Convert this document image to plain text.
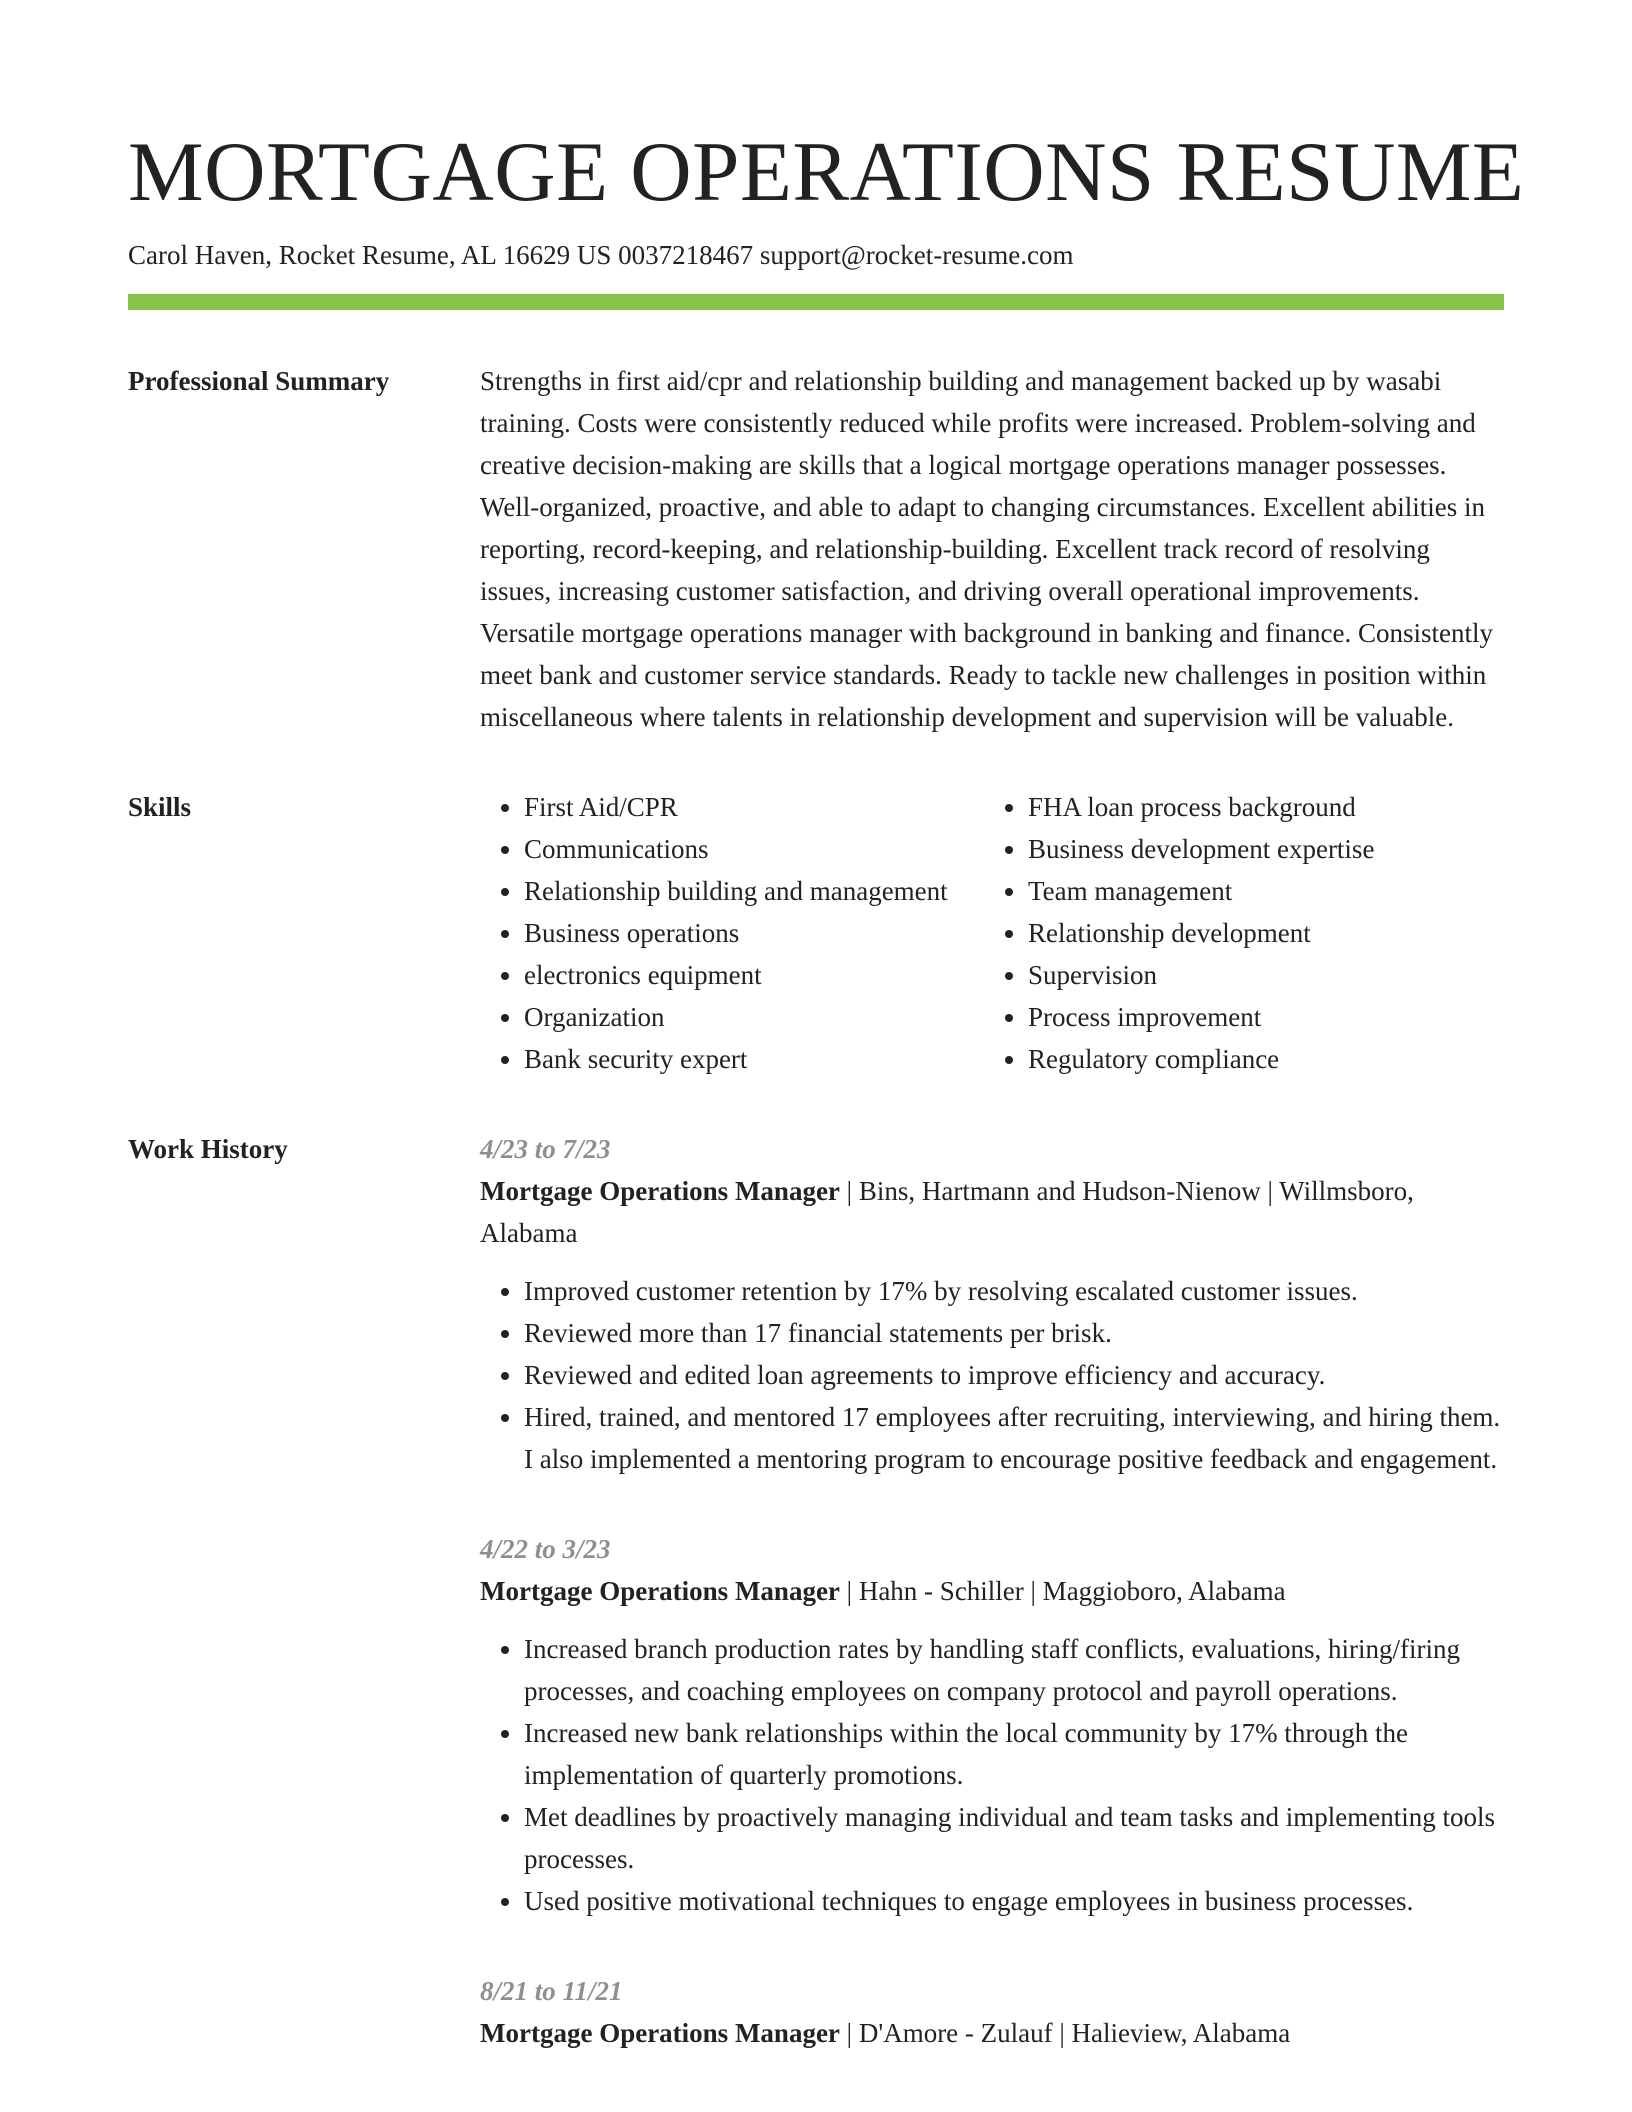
MORTGAGE OPERATIONS RESUME
Carol Haven, Rocket Resume, AL 16629 US 0037218467 support@rocket-resume.com
Professional Summary	Strengths in first aid/cpr and relationship building and management backed up by wasabi training. Costs were consistently reduced while profits were increased. Problem-solving and creative decision-making are skills that a logical mortgage operations manager possesses. Well-organized, proactive, and able to adapt to changing circumstances. Excellent abilities in reporting, record-keeping, and relationship-building. Excellent track record of resolving issues, increasing customer satisfaction, and driving overall operational improvements. Versatile mortgage operations manager with background in banking and finance. Consistently meet bank and customer service standards. Ready to tackle new challenges in position within miscellaneous where talents in relationship development and supervision will be valuable.

Skills
•	First Aid/CPR
• Communications
• Relationship building and management
• Business operations
• electronics equipment
• Organization
• Bank security expert
• FHA loan process background
• Business development expertise
• Team management
• Relationship development
• Supervision
• Process improvement
• Regulatory compliance
Work History	4/23 to 7/23
Mortgage Operations Manager | Bins, Hartmann and Hudson-Nienow | Willmsboro, Alabama
• Improved customer retention by 17% by resolving escalated customer issues.
• Reviewed more than 17 financial statements per brisk.
• Reviewed and edited loan agreements to improve efficiency and accuracy.
• Hired, trained, and mentored 17 employees after recruiting, interviewing, and hiring them. I also implemented a mentoring program to encourage positive feedback and engagement.
4/22 to 3/23
Mortgage Operations Manager | Hahn - Schiller | Maggioboro, Alabama
• Increased branch production rates by handling staff conflicts, evaluations, hiring/firing processes, and coaching employees on company protocol and payroll operations.
• Increased new bank relationships within the local community by 17% through the implementation of quarterly promotions.
• Met deadlines by proactively managing individual and team tasks and implementing tools processes.
• Used positive motivational techniques to engage employees in business processes.
8/21 to 11/21
Mortgage Operations Manager | D'Amore - Zulauf | Halieview, Alabama
